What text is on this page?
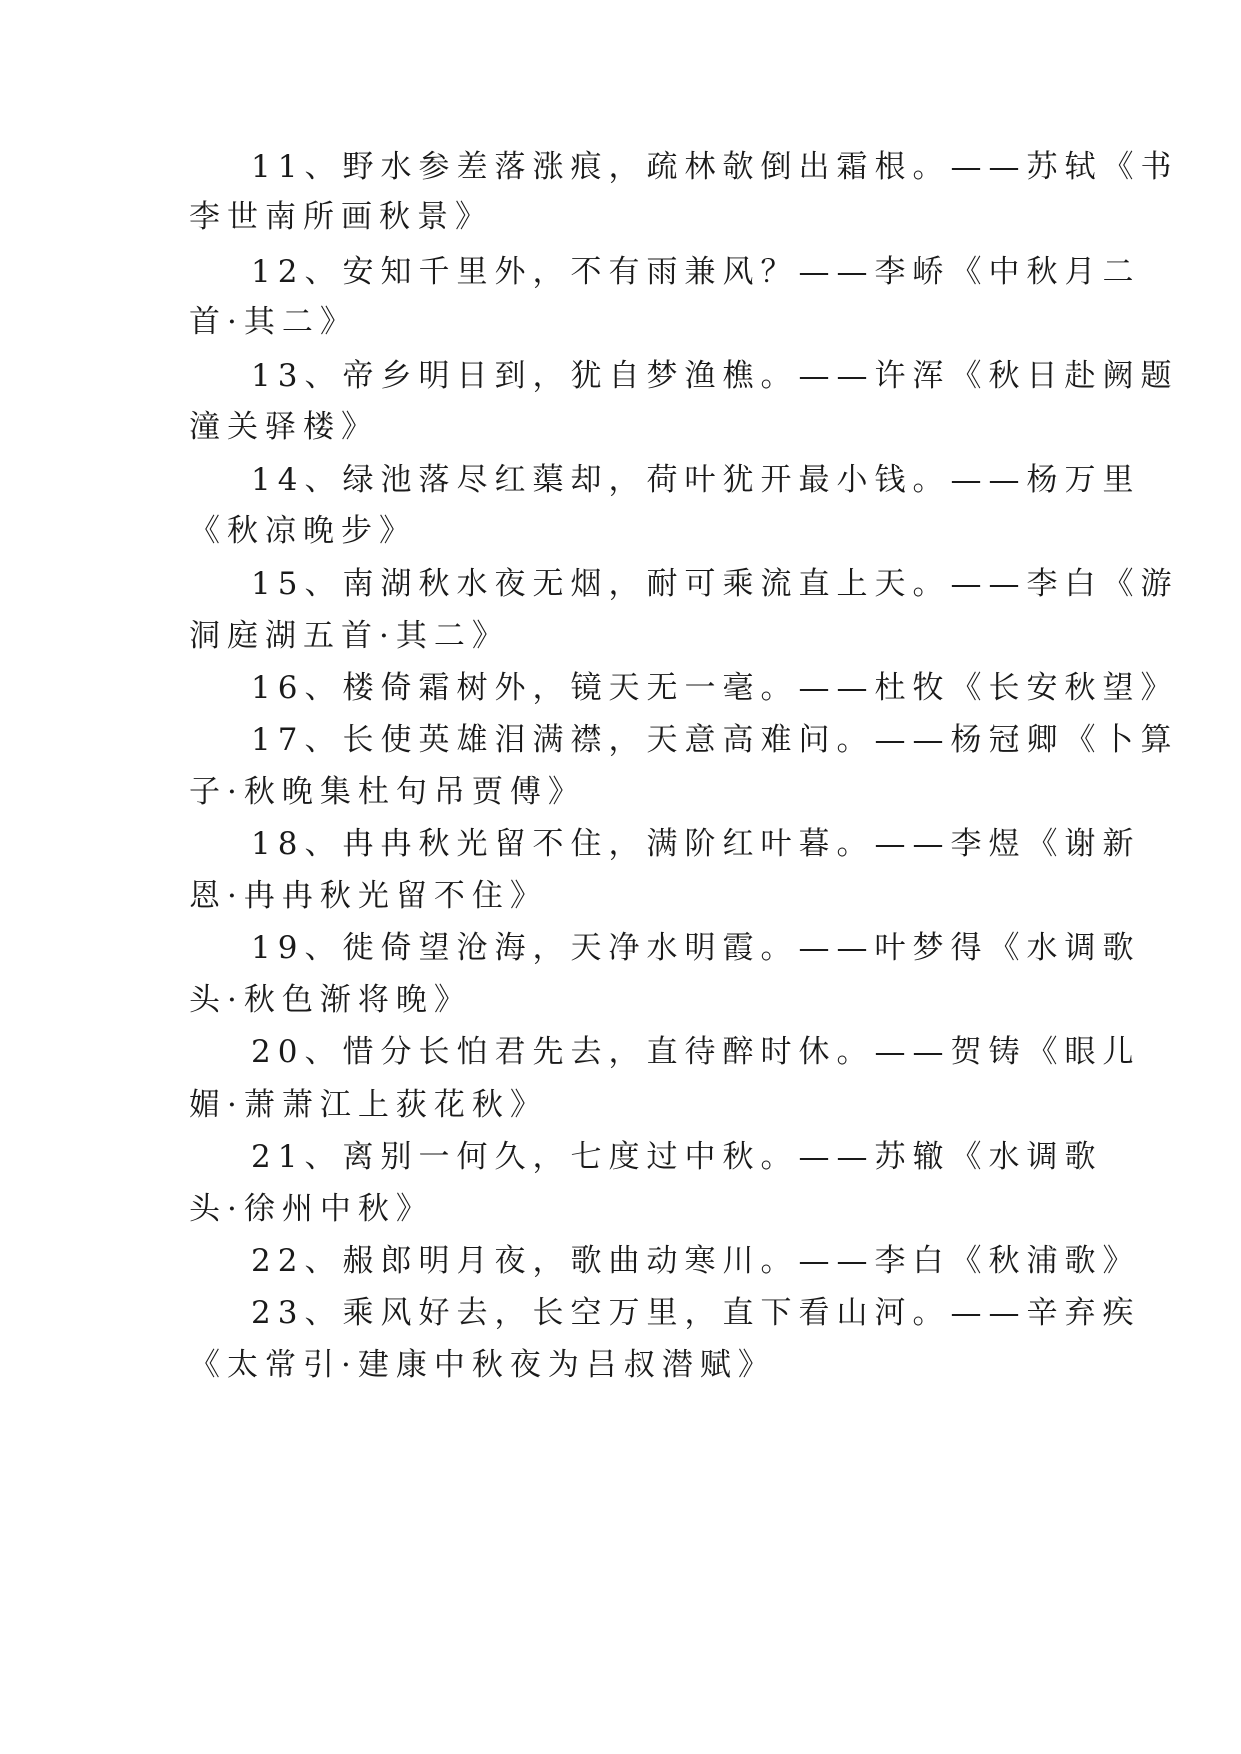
11、野水参差落涨痕，疏林欹倒出霜根。——苏轼《书
李世南所画秋景》
12、安知千里外，不有雨兼风？——李峤《中秋月二
首·其二》
13、帝乡明日到，犹自梦渔樵。——许浑《秋日赴阙题
潼关驿楼》
14、绿池落尽红蕖却，荷叶犹开最小钱。——杨万里
《秋凉晚步》
15、南湖秋水夜无烟，耐可乘流直上天。——李白《游
洞庭湖五首·其二》
16、楼倚霜树外，镜天无一毫。——杜牧《长安秋望》
17、长使英雄泪满襟，天意高难问。——杨冠卿《卜算
子·秋晚集杜句吊贾傅》
18、冉冉秋光留不住，满阶红叶暮。——李煜《谢新
恩·冉冉秋光留不住》
19、徙倚望沧海，天净水明霞。——叶梦得《水调歌
头·秋色渐将晚》
20、惜分长怕君先去，直待醉时休。——贺铸《眼儿
媚·萧萧江上荻花秋》
21、离别一何久，七度过中秋。——苏辙《水调歌
头·徐州中秋》
22、赧郎明月夜，歌曲动寒川。——李白《秋浦歌》
23、乘风好去，长空万里，直下看山河。——辛弃疾
《太常引·建康中秋夜为吕叔潜赋》
